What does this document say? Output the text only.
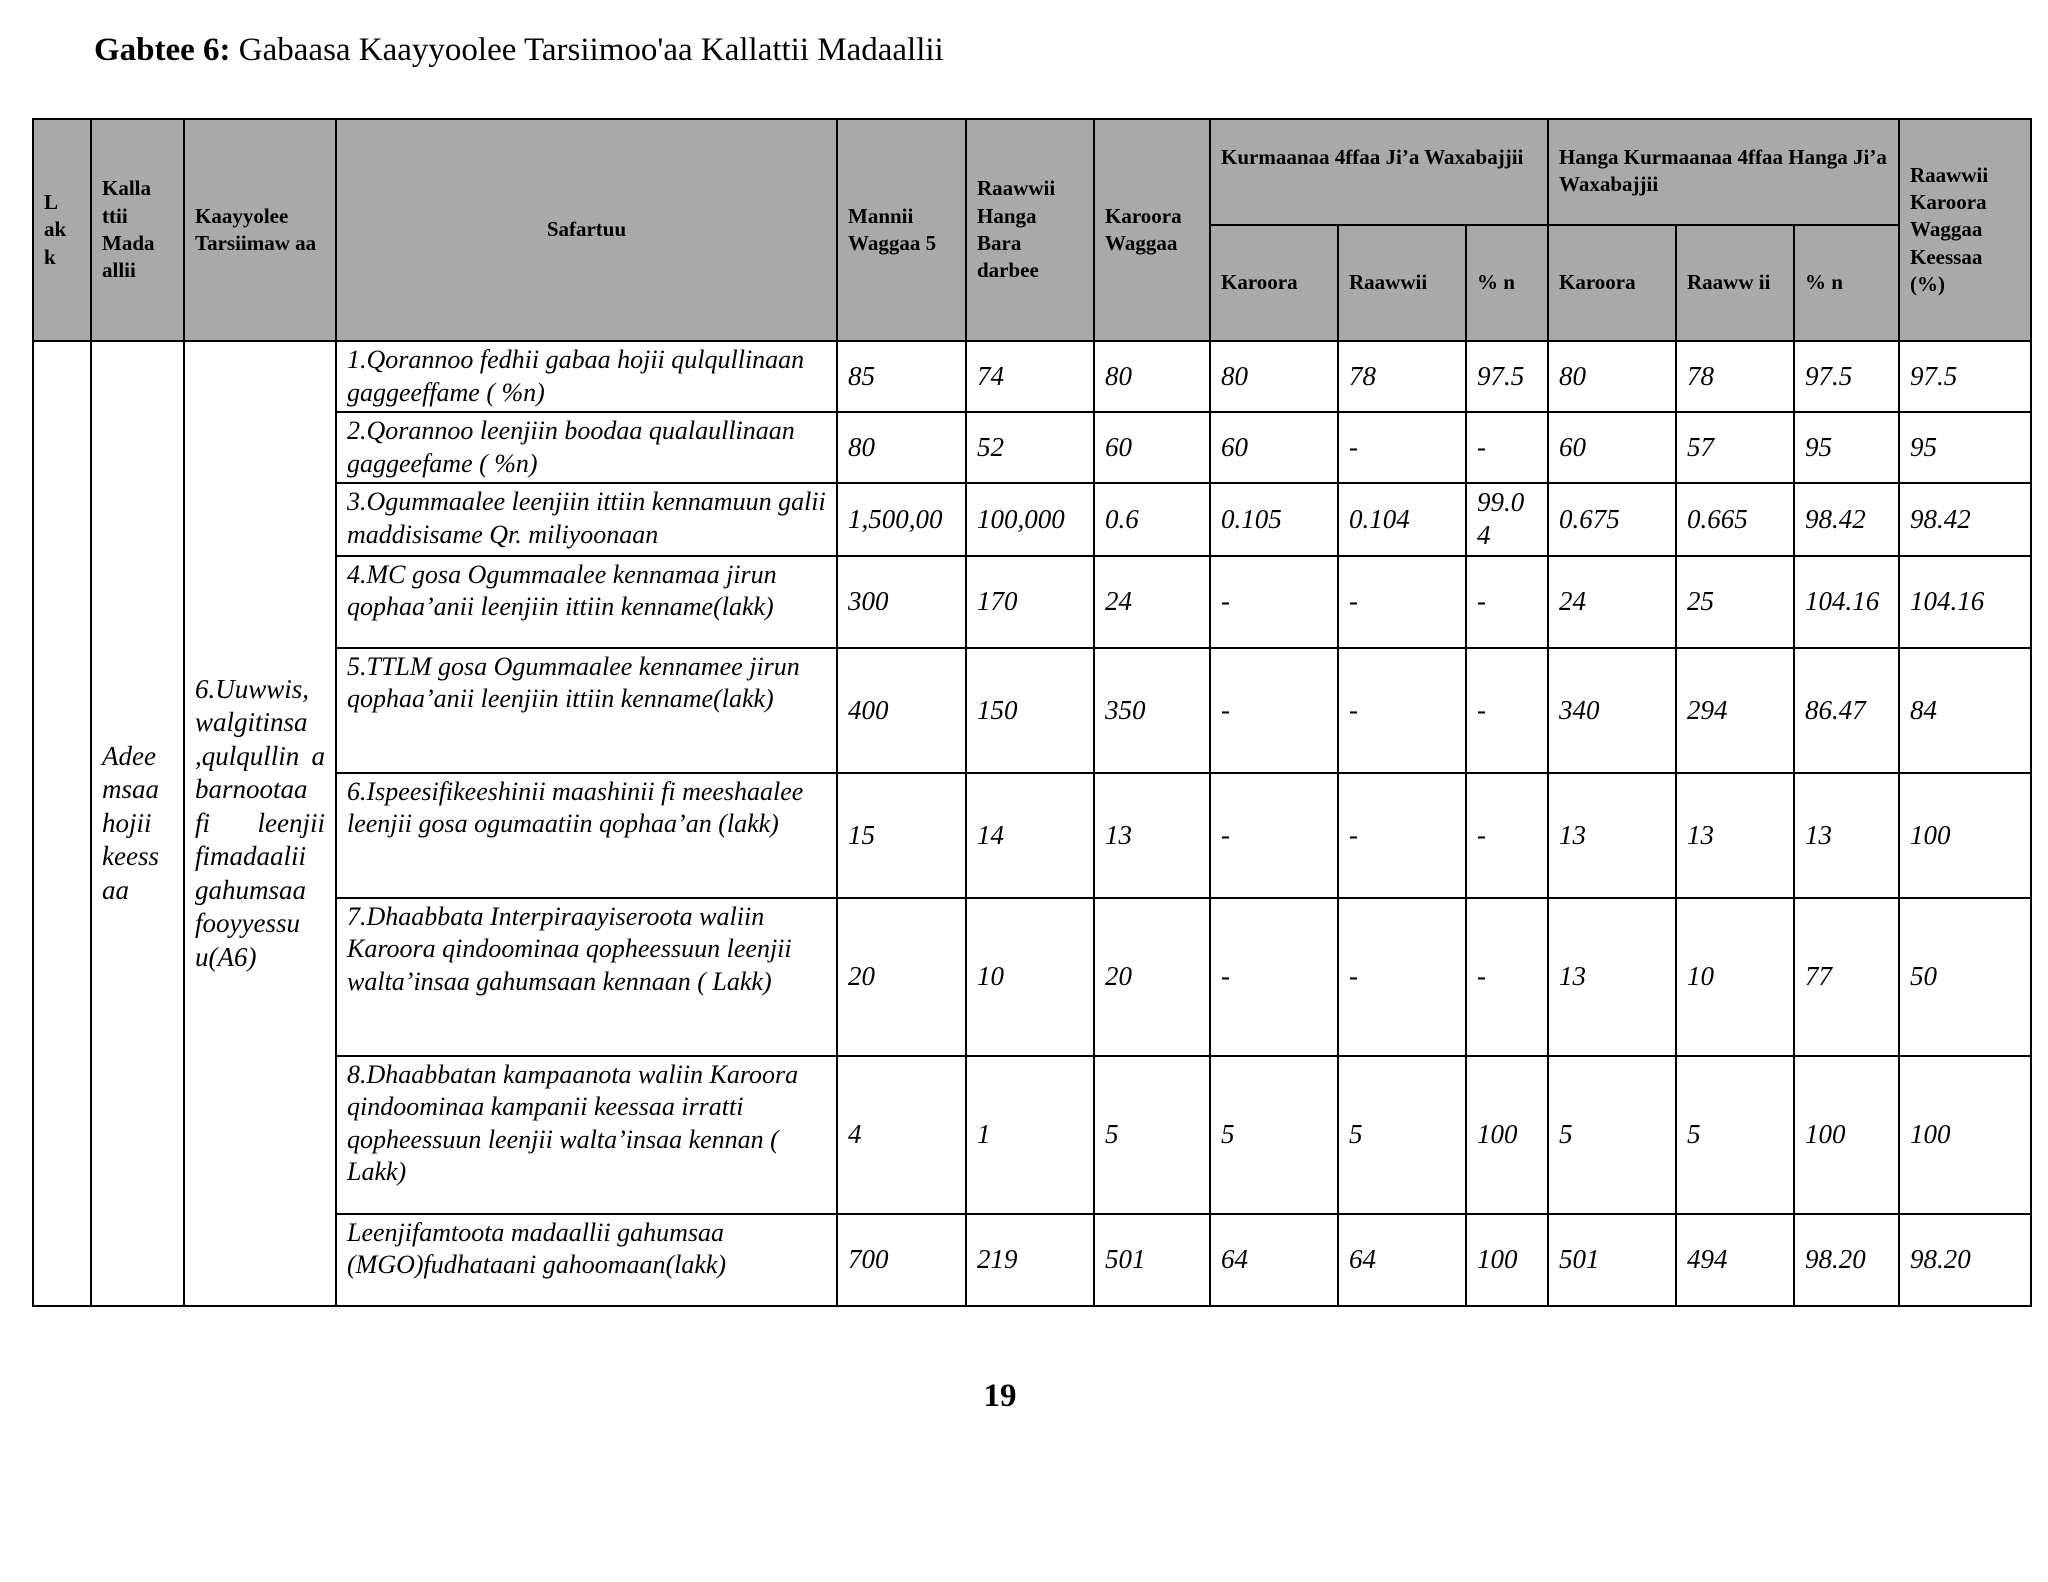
Gabtee 6: Gabaasa Kaayyoolee Tarsiimoo'aa Kallattii Madaallii
L ak k	Kalla ttii Mada allii	Kaayyolee Tarsiimaw aa	Safartuu	Mannii Waggaa 5	Raawwii Hanga Bara darbee	Karoora Waggaa	Kurmaanaa 4ffaa Ji’a Waxabajjii			Hanga Kurmaanaa 4ffaa Hanga Ji’a Waxabajjii			Raawwii Karoora Waggaa Keessaa (%)
							Karoora	Raawwii	% n	Karoora	Raaww ii	% n	
	Adee msaa hojii keess aa	6.Uuwwis, walgitinsa ,qulqullin a barnootaa fi leenjii fimadaalii gahumsaa fooyyessu u(A6)	1.Qorannoo fedhii gabaa hojii qulqullinaan gaggeeffame ( %n)	85	74	80	80	78	97.5	80	78	97.5	97.5
			2.Qorannoo leenjiin boodaa qualaullinaan gaggeefame ( %n)	80	52	60	60	-	-	60	57	95	95
			3.Ogummaalee leenjiin ittiin kennamuun galii maddisisame Qr. miliyoonaan	1,500,00	100,000	0.6	0.105	0.104	99.0 4	0.675	0.665	98.42	98.42
			4.MC gosa Ogummaalee kennamaa jirun qophaa’anii leenjiin ittiin kenname(lakk)	300	170	24	-	-	-	24	25	104.16	104.16
			5.TTLM gosa Ogummaalee kennamee jirun qophaa’anii leenjiin ittiin kenname(lakk)	400	150	350	-	-	-	340	294	86.47	84
			6.Ispeesifikeeshinii maashinii fi meeshaalee leenjii gosa ogumaatiin qophaa’an (lakk)	15	14	13	-	-	-	13	13	13	100
			7.Dhaabbata Interpiraayiseroota waliin Karoora qindoominaa qopheessuun leenjii walta’insaa gahumsaan kennaan ( Lakk)	20	10	20	-	-	-	13	10	77	50
			8.Dhaabbatan kampaanota waliin Karoora qindoominaa kampanii keessaa irratti qopheessuun leenjii walta’insaa kennan ( Lakk)	4	1	5	5	5	100	5	5	100	100
			Leenjifamtoota madaallii gahumsaa (MGO)fudhataani gahoomaan(lakk)	700	219	501	64	64	100	501	494	98.20	98.20
19
